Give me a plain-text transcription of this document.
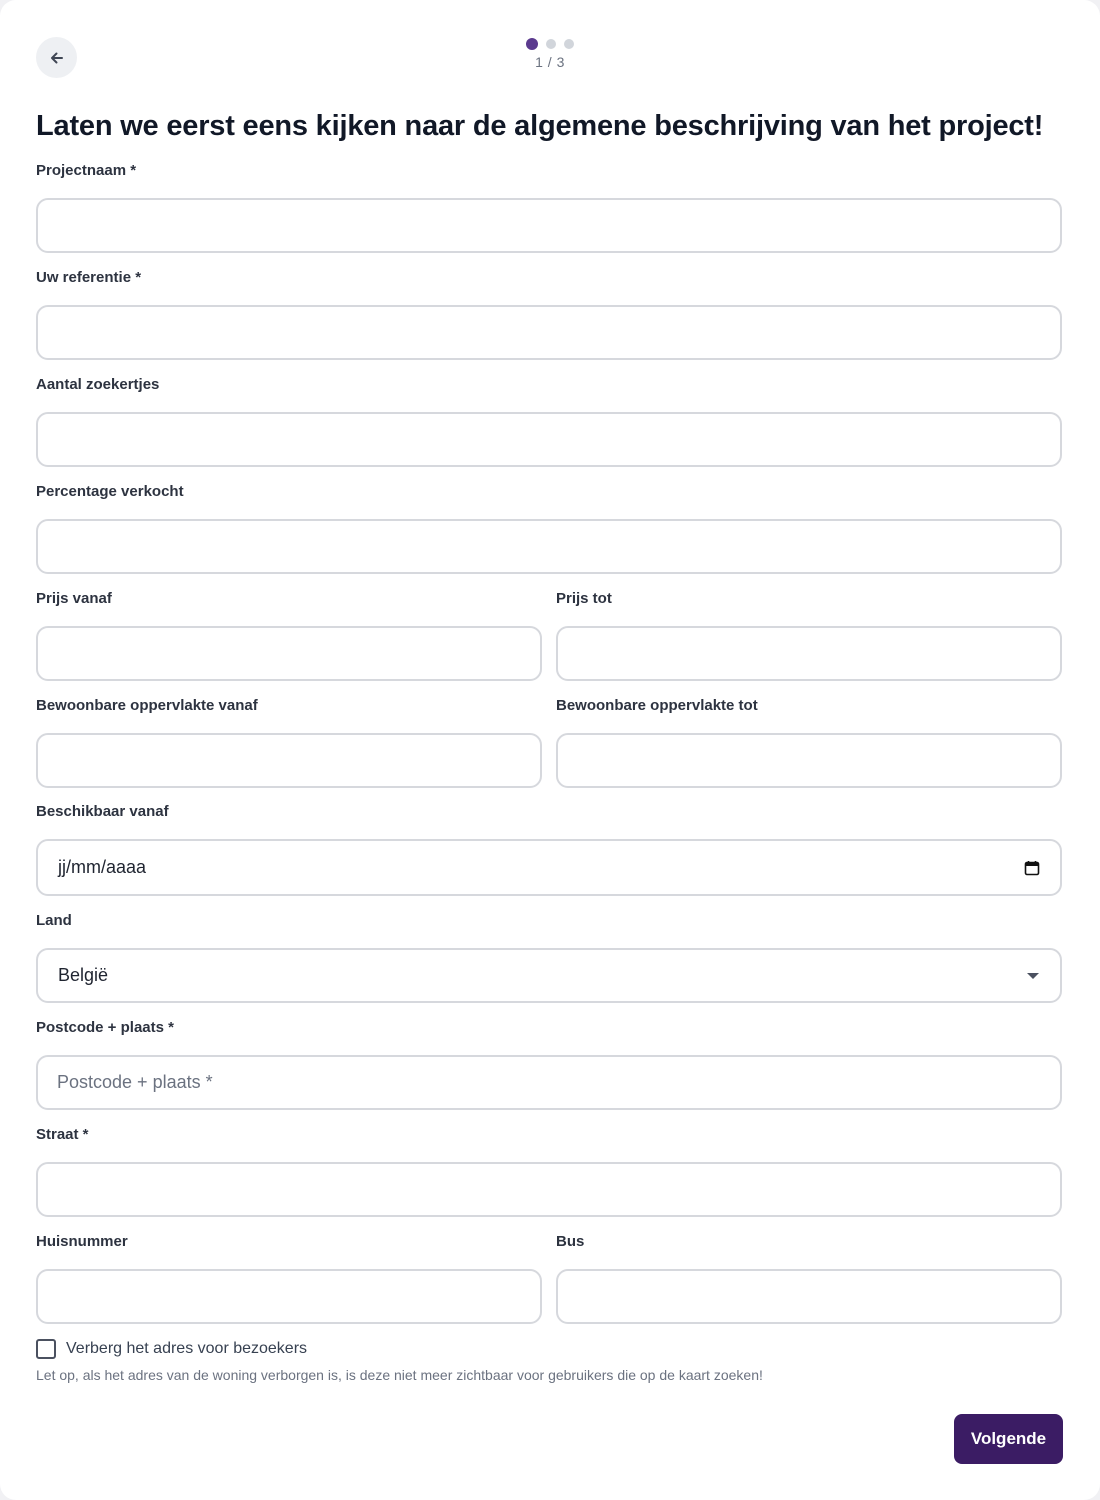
1 / 3
Laten we eerst eens kijken naar de algemene beschrijving van het project!
Projectnaam *
Uw referentie *
Aantal zoekertjes
Percentage verkocht
Prijs vanaf	Prijs tot
Bewoonbare oppervlakte vanaf	Bewoonbare oppervlakte tot
Beschikbaar vanaf
jj/mm/aaaa
Land
België
Postcode + plaats *
Postcode + plaats *
Straat *
Huisnummer	Bus
Verberg het adres voor bezoekers
Let op, als het adres van de woning verborgen is, is deze niet meer zichtbaar voor gebruikers die op de kaart zoeken!
Volgende
